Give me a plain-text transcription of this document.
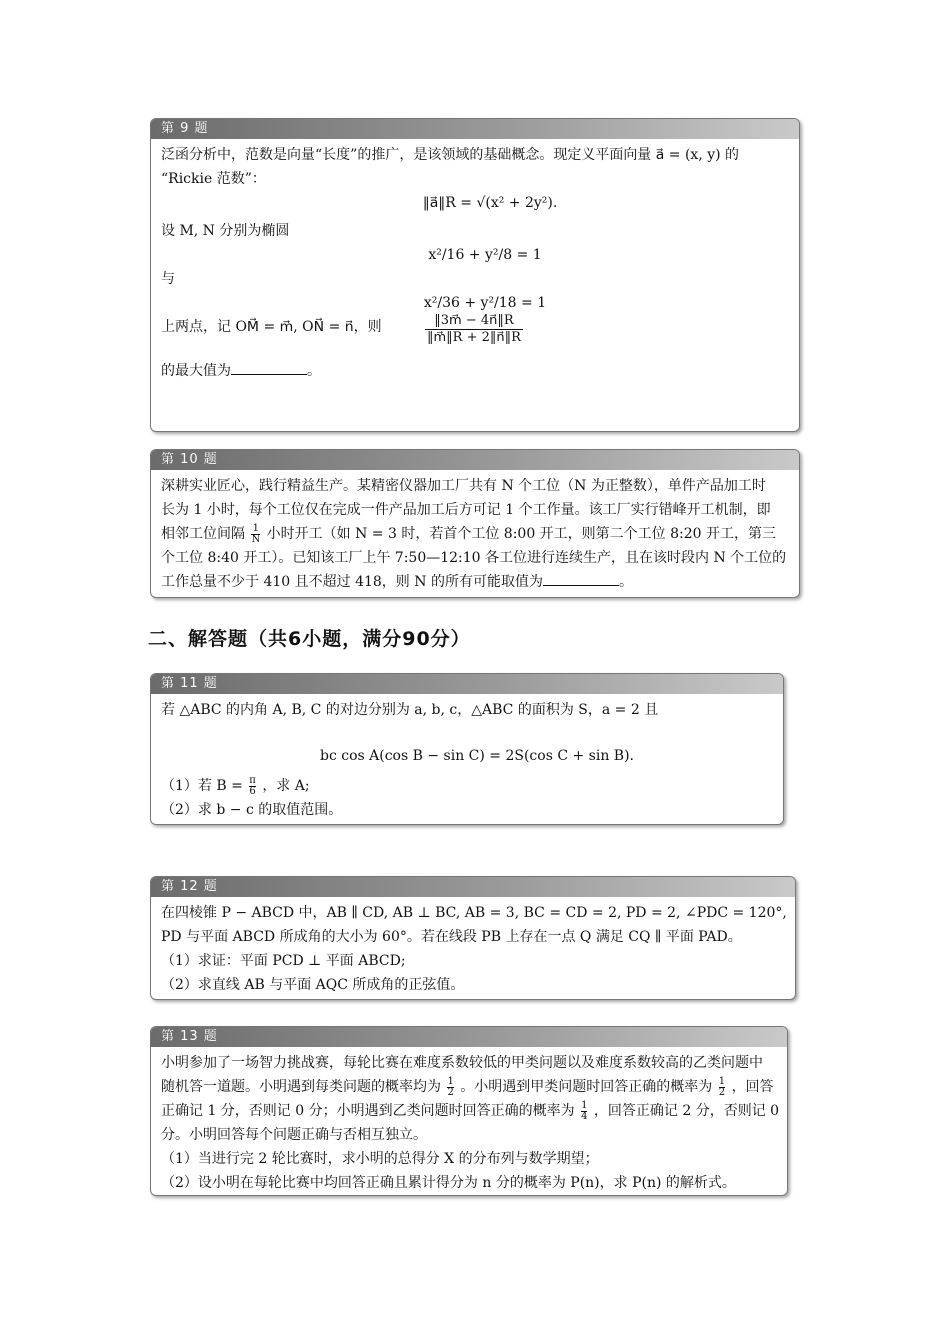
第 9 题
泛函分析中，范数是向量“长度”的推广，是该领域的基础概念。现定义平面向量 a⃗ = (x, y) 的
“Rickie 范数”：
‖a⃗‖R = √(x² + 2y²).
设 M, N 分别为椭圆
x²/16 + y²/8 = 1
与
x²/36 + y²/18 = 1
上两点，记 OM⃗ = m⃗, ON⃗ = n⃗，则	$\frac{‖3m⃗ - 4n⃗‖R}{‖m⃗‖R + 2‖n⃗‖R}$
的最大值为	。
第 10 题
深耕实业匠心，践行精益生产。某精密仪器加工厂共有 N 个工位（N 为正整数），单件产品加工时
长为 1 小时，每个工位仅在完成一件产品加工后方可记 1 个工作量。该工厂实行错峰开工机制，即
相邻工位间隔 $\frac{1}{N}$ 小时开工（如 N = 3 时，若首个工位 8:00 开工，则第二个工位 8:20 开工，第三
个工位 8:40 开工）。已知该工厂上午 7:50—12:10 各工位进行连续生产，且在该时段内 N 个工位的
工作总量不少于 410 且不超过 418，则 N 的所有可能取值为	。
二、解答题（共6小题，满分90分）
第 11 题
若 △ABC 的内角 A, B, C 的对边分别为 a, b, c，△ABC 的面积为 S，a = 2 且
bc cos A(cos B − sin C) = 2S(cos C + sin B).
（1）若 $B = \frac{\pi}{6}$ ，求 A;
（2）求 b − c 的取值范围。
第 12 题
在四棱锥 P − ABCD 中，AB ∥ CD, AB ⊥ BC, AB = 3, BC = CD = 2, PD = 2, ∠PDC = 120°,
PD 与平面 ABCD 所成角的大小为 60°。若在线段 PB 上存在一点 Q 满足 CQ ∥ 平面 PAD。
（1）求证：平面 PCD ⊥ 平面 ABCD;
（2）求直线 AB 与平面 AQC 所成角的正弦值。
第 13 题
小明参加了一场智力挑战赛，每轮比赛在难度系数较低的甲类问题以及难度系数较高的乙类问题中
随机答一道题。小明遇到每类问题的概率均为 $\frac{1}{2}$ 。小明遇到甲类问题时回答正确的概率为 $\frac{1}{2}$ ，回答
正确记 1 分，否则记 0 分；小明遇到乙类问题时回答正确的概率为 $\frac{1}{4}$ ，回答正确记 2 分，否则记 0
分。小明回答每个问题正确与否相互独立。
（1）当进行完 2 轮比赛时，求小明的总得分 X 的分布列与数学期望；
（2）设小明在每轮比赛中均回答正确且累计得分为 n 分的概率为 P(n)，求 P(n) 的解析式。
